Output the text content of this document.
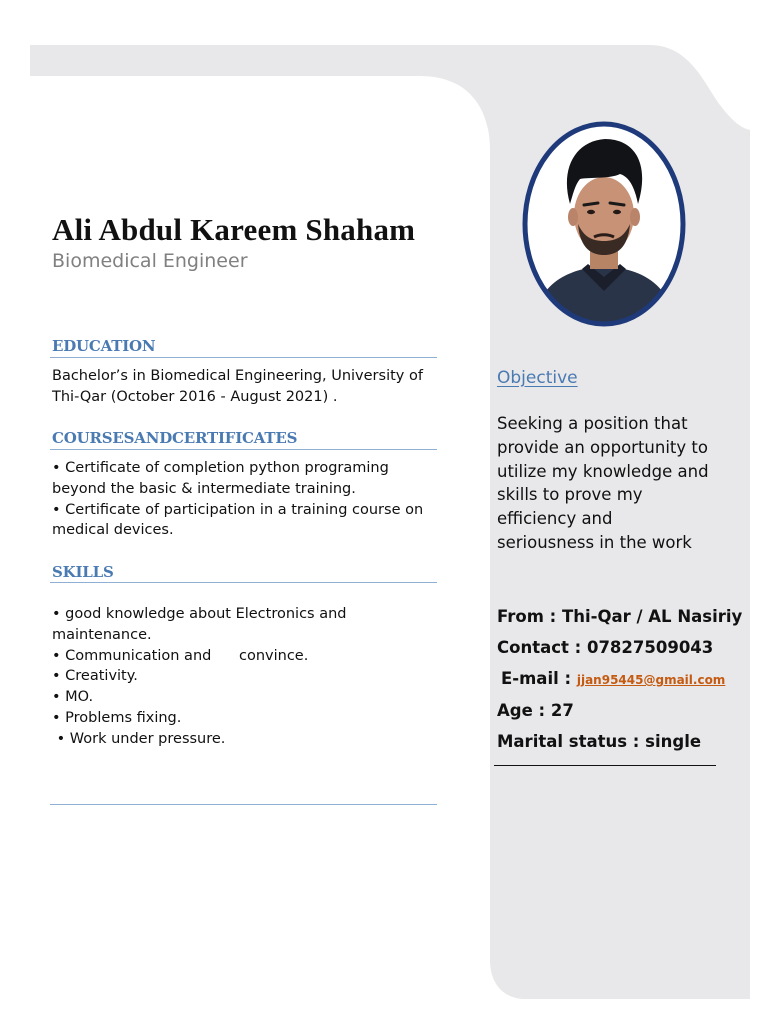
Ali Abdul Kareem Shaham
Biomedical Engineer
EDUCATION

Bachelor’s in Biomedical Engineering, University of

Thi-Qar (October 2016 - August 2021) .

COURSESANDCERTIFICATES

• Certificate of completion python programing

beyond the basic & intermediate training.

• Certificate of participation in a training course on

medical devices.

SKILLS

• good knowledge about Electronics and

maintenance.

• Communication and      convince.

• Creativity.

• MO.

• Problems fixing.

• Work under pressure.

Objective
Seeking a position that
provide an opportunity to
utilize my knowledge and
skills to prove my
efficiency and
seriousness in the work
From : Thi-Qar / AL Nasiriy
Contact : 07827509043
E-mail : jjan95445@gmail.com
Age : 27
Marital status : single
